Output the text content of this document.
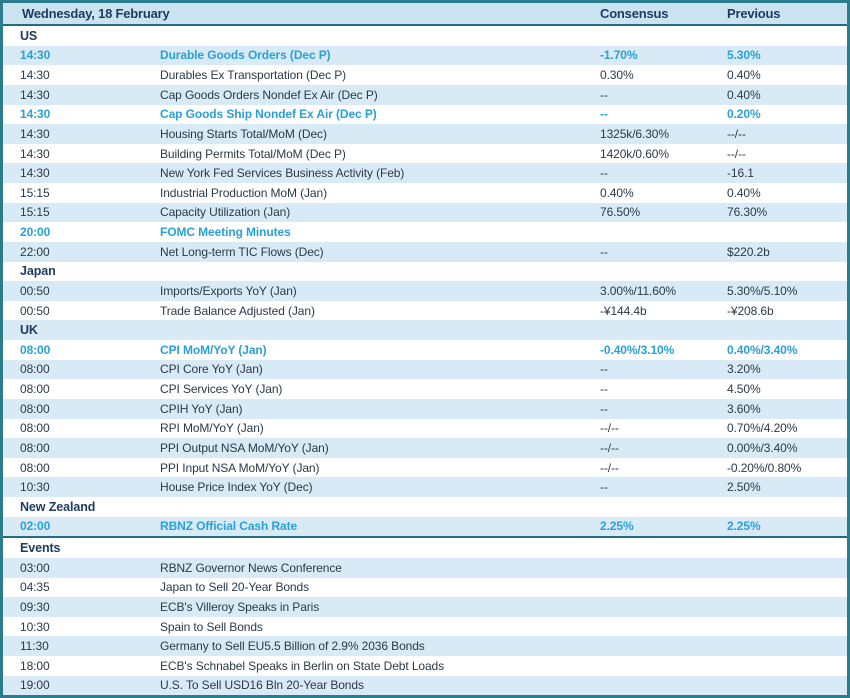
Wednesday, 18 February	Consensus	Previous
US
14:30	Durable Goods Orders (Dec P)	-1.70%	5.30%
14:30	Durables Ex Transportation (Dec P)	0.30%	0.40%
14:30	Cap Goods Orders Nondef Ex Air (Dec P)	--	0.40%
14:30	Cap Goods Ship Nondef Ex Air (Dec P)	--	0.20%
14:30	Housing Starts Total/MoM (Dec)	1325k/6.30%	--/--
14:30	Building Permits Total/MoM (Dec P)	1420k/0.60%	--/--
14:30	New York Fed Services Business Activity (Feb)	--	-16.1
15:15	Industrial Production MoM (Jan)	0.40%	0.40%
15:15	Capacity Utilization (Jan)	76.50%	76.30%
20:00	FOMC Meeting Minutes
22:00	Net Long-term TIC Flows (Dec)	--	$220.2b
Japan
00:50	Imports/Exports YoY (Jan)	3.00%/11.60%	5.30%/5.10%
00:50	Trade Balance Adjusted (Jan)	-¥144.4b	-¥208.6b
UK
08:00	CPI MoM/YoY (Jan)	-0.40%/3.10%	0.40%/3.40%
08:00	CPI Core YoY (Jan)	--	3.20%
08:00	CPI Services YoY (Jan)	--	4.50%
08:00	CPIH YoY (Jan)	--	3.60%
08:00	RPI MoM/YoY (Jan)	--/--	0.70%/4.20%
08:00	PPI Output NSA MoM/YoY (Jan)	--/--	0.00%/3.40%
08:00	PPI Input NSA MoM/YoY (Jan)	--/--	-0.20%/0.80%
10:30	House Price Index YoY (Dec)	--	2.50%
New Zealand
02:00	RBNZ Official Cash Rate	2.25%	2.25%
Events
03:00	RBNZ Governor News Conference
04:35	Japan to Sell 20-Year Bonds
09:30	ECB's Villeroy Speaks in Paris
10:30	Spain to Sell Bonds
11:30	Germany to Sell EU5.5 Billion of 2.9% 2036 Bonds
18:00	ECB's Schnabel Speaks in Berlin on State Debt Loads
19:00	U.S. To Sell USD16 Bln 20-Year Bonds
